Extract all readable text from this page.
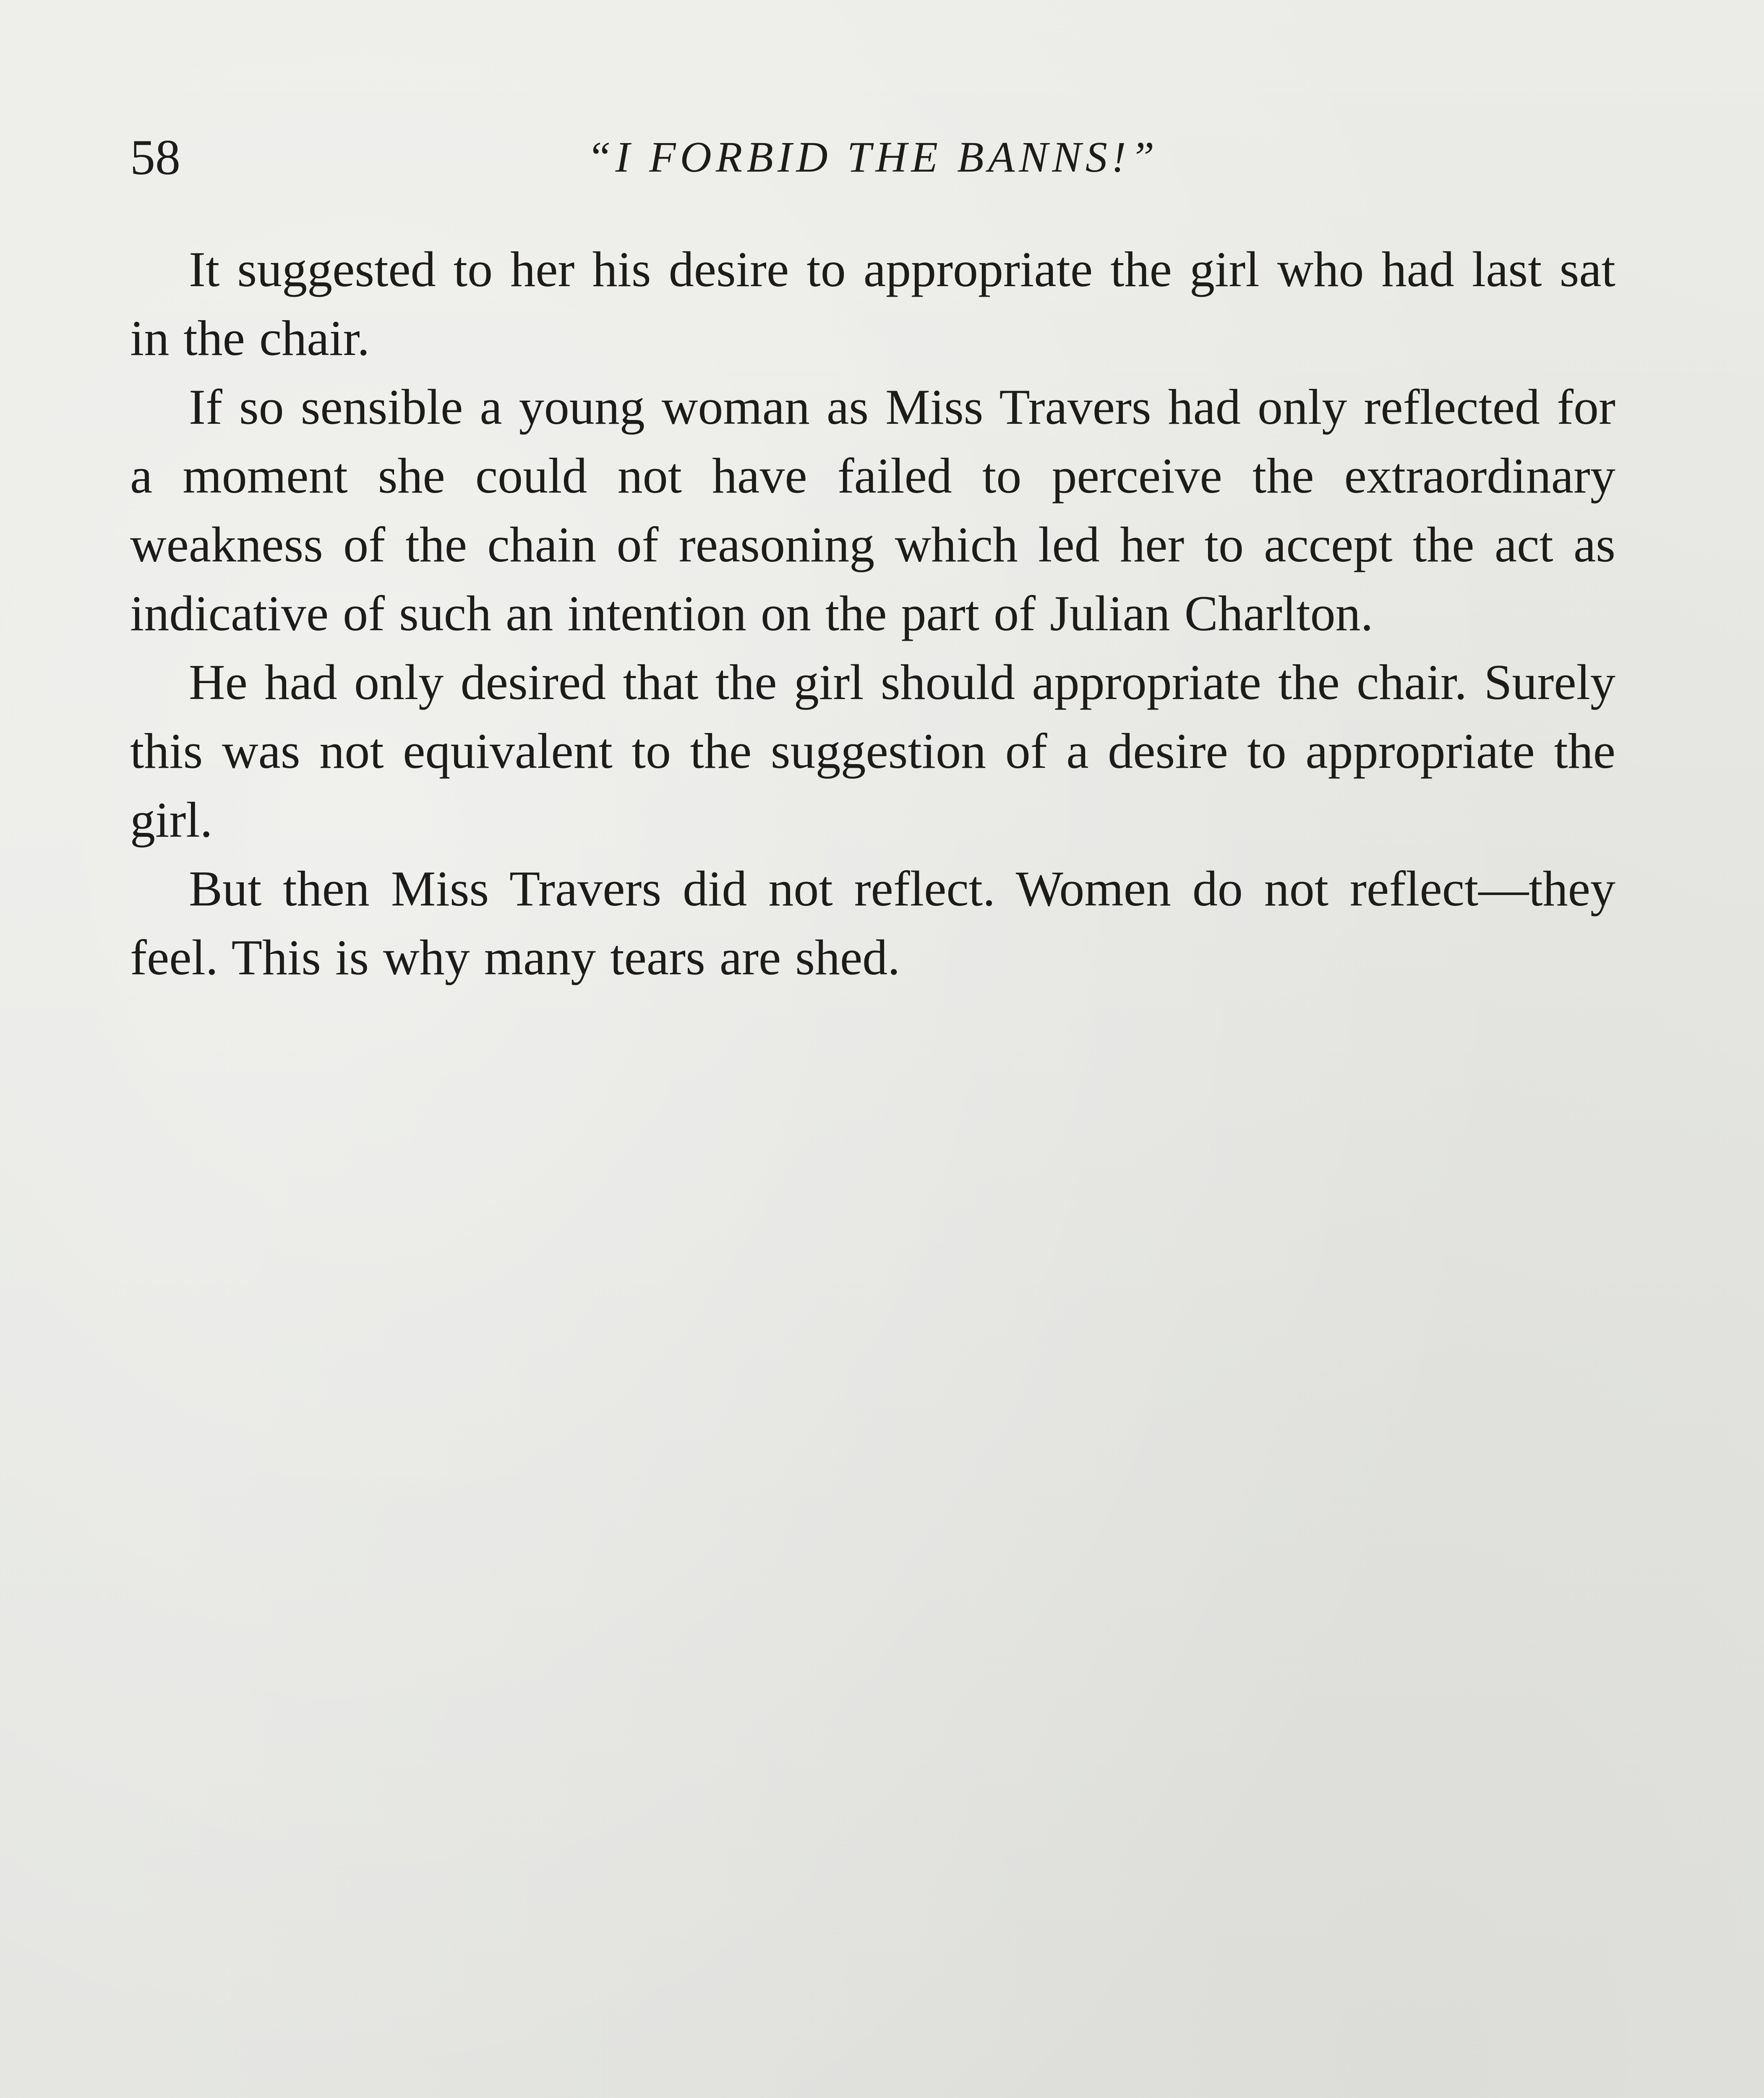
58	“I FORBID THE BANNS!”

It suggested to her his desire to appropriate the girl who had last sat in the chair.

If so sensible a young woman as Miss Travers had only reflected for a moment she could not have failed to perceive the extraordinary weakness of the chain of reasoning which led her to accept the act as indicative of such an intention on the part of Julian Charlton.

He had only desired that the girl should appropriate the chair. Surely this was not equivalent to the suggestion of a desire to appropriate the girl.

But then Miss Travers did not reflect. Women do not reflect—they feel. This is why many tears are shed.
